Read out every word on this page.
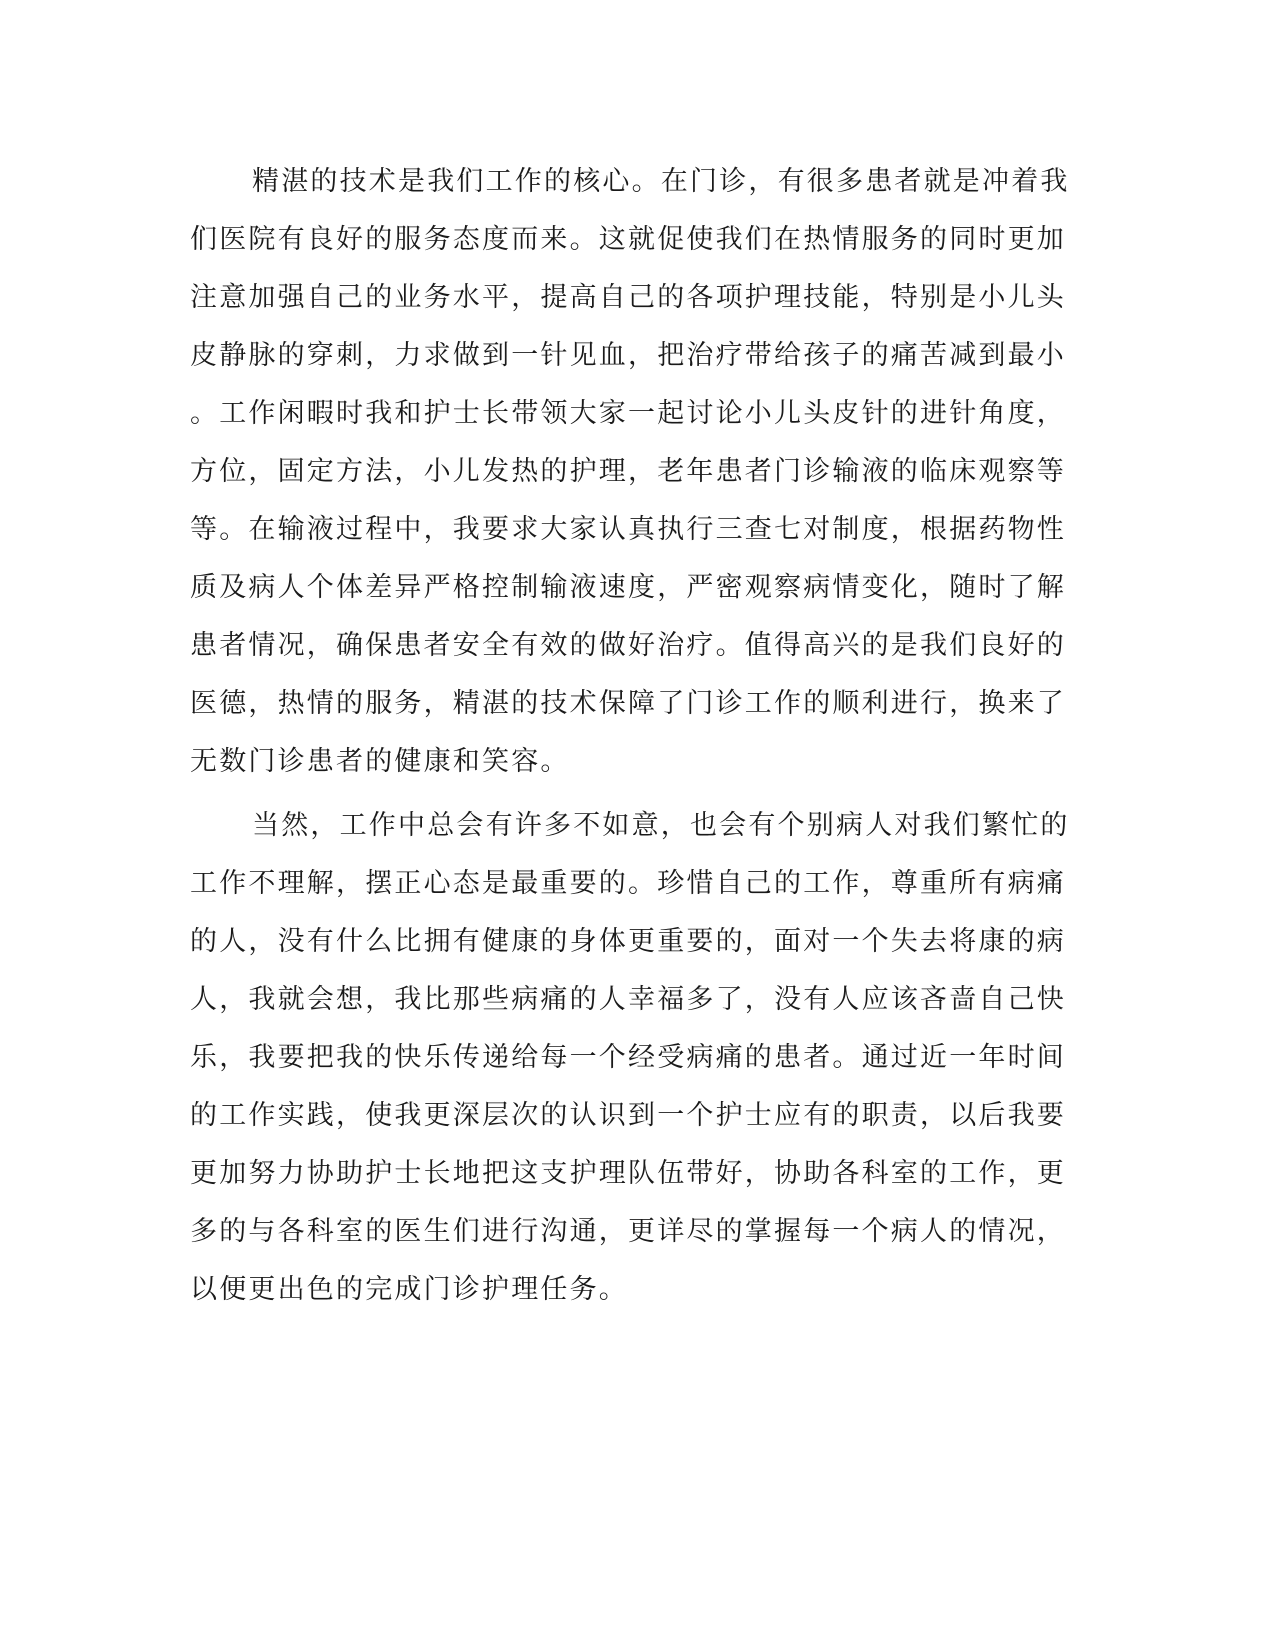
精湛的技术是我们工作的核心。在门诊，有很多患者就是冲着我
们医院有良好的服务态度而来。这就促使我们在热情服务的同时更加
注意加强自己的业务水平，提高自己的各项护理技能，特别是小儿头
皮静脉的穿刺，力求做到一针见血，把治疗带给孩子的痛苦减到最小
。工作闲暇时我和护士长带领大家一起讨论小儿头皮针的进针角度，
方位，固定方法，小儿发热的护理，老年患者门诊输液的临床观察等
等。在输液过程中，我要求大家认真执行三查七对制度，根据药物性
质及病人个体差异严格控制输液速度，严密观察病情变化，随时了解
患者情况，确保患者安全有效的做好治疗。值得高兴的是我们良好的
医德，热情的服务，精湛的技术保障了门诊工作的顺利进行，换来了
无数门诊患者的健康和笑容。
当然，工作中总会有许多不如意，也会有个别病人对我们繁忙的
工作不理解，摆正心态是最重要的。珍惜自己的工作，尊重所有病痛
的人，没有什么比拥有健康的身体更重要的，面对一个失去将康的病
人，我就会想，我比那些病痛的人幸福多了，没有人应该吝啬自己快
乐，我要把我的快乐传递给每一个经受病痛的患者。通过近一年时间
的工作实践，使我更深层次的认识到一个护士应有的职责，以后我要
更加努力协助护士长地把这支护理队伍带好，协助各科室的工作，更
多的与各科室的医生们进行沟通，更详尽的掌握每一个病人的情况，
以便更出色的完成门诊护理任务。
